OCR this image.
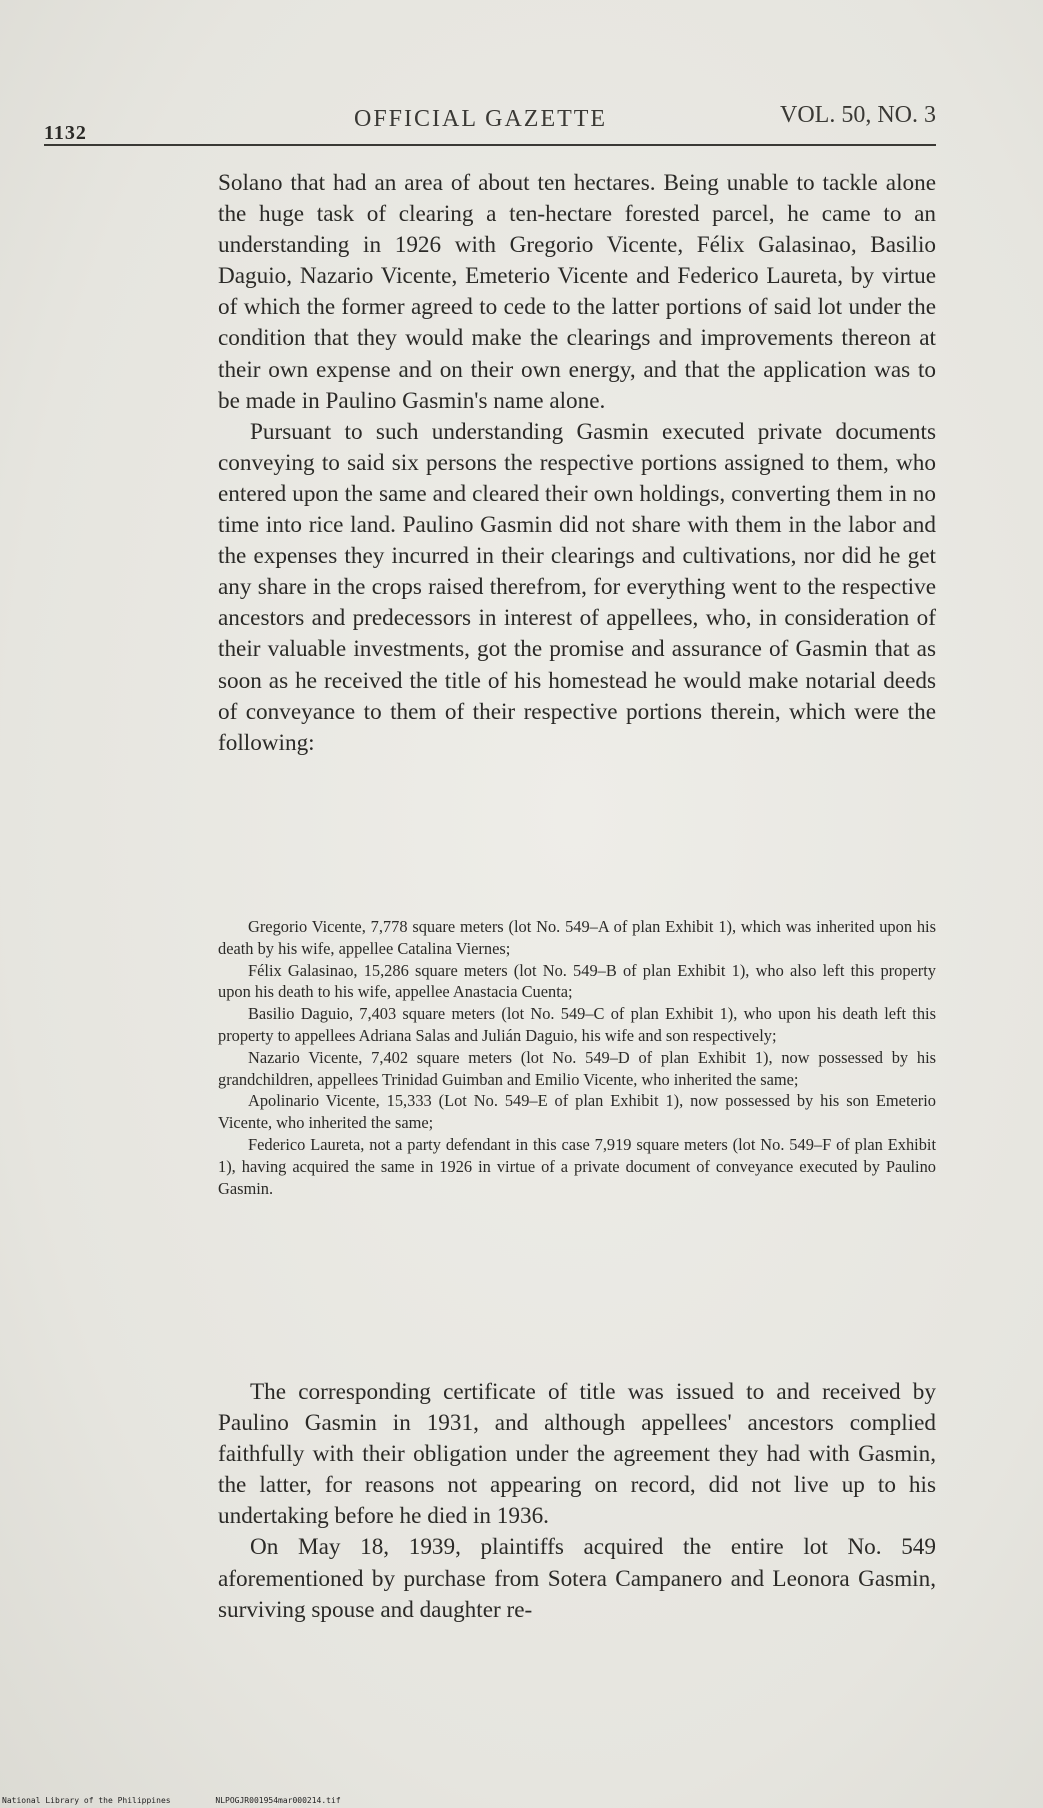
1132
OFFICIAL GAZETTE	VOL. 50, NO. 3

Solano that had an area of about ten hectares. Being unable to tackle alone the huge task of clearing a ten-hectare forested parcel, he came to an understanding in 1926 with Gregorio Vicente, Félix Galasinao, Basilio Daguio, Nazario Vicente, Emeterio Vicente and Federico Laureta, by virtue of which the former agreed to cede to the latter portions of said lot under the condition that they would make the clearings and improvements thereon at their own expense and on their own energy, and that the application was to be made in Paulino Gasmin's name alone.

Pursuant to such understanding Gasmin executed private documents conveying to said six persons the respective portions assigned to them, who entered upon the same and cleared their own holdings, converting them in no time into rice land. Paulino Gasmin did not share with them in the labor and the expenses they incurred in their clearings and cultivations, nor did he get any share in the crops raised therefrom, for everything went to the respective ancestors and predecessors in interest of appellees, who, in consideration of their valuable investments, got the promise and assurance of Gasmin that as soon as he received the title of his homestead he would make notarial deeds of conveyance to them of their respective portions therein, which were the following:

Gregorio Vicente, 7,778 square meters (lot No. 549–A of plan Exhibit 1), which was inherited upon his death by his wife, appellee Catalina Viernes;

Félix Galasinao, 15,286 square meters (lot No. 549–B of plan Exhibit 1), who also left this property upon his death to his wife, appellee Anastacia Cuenta;

Basilio Daguio, 7,403 square meters (lot No. 549–C of plan Exhibit 1), who upon his death left this property to appellees Adriana Salas and Julián Daguio, his wife and son respectively;

Nazario Vicente, 7,402 square meters (lot No. 549–D of plan Exhibit 1), now possessed by his grandchildren, appellees Trinidad Guimban and Emilio Vicente, who inherited the same;

Apolinario Vicente, 15,333 (Lot No. 549–E of plan Exhibit 1), now possessed by his son Emeterio Vicente, who inherited the same;

Federico Laureta, not a party defendant in this case 7,919 square meters (lot No. 549–F of plan Exhibit 1), having acquired the same in 1926 in virtue of a private document of conveyance executed by Paulino Gasmin.

The corresponding certificate of title was issued to and received by Paulino Gasmin in 1931, and although appellees' ancestors complied faithfully with their obligation under the agreement they had with Gasmin, the latter, for reasons not appearing on record, did not live up to his undertaking before he died in 1936.

On May 18, 1939, plaintiffs acquired the entire lot No. 549 aforementioned by purchase from Sotera Campanero and Leonora Gasmin, surviving spouse and daughter re-

National Library of the Philippines	NLPOGJR001954mar000214.tif
